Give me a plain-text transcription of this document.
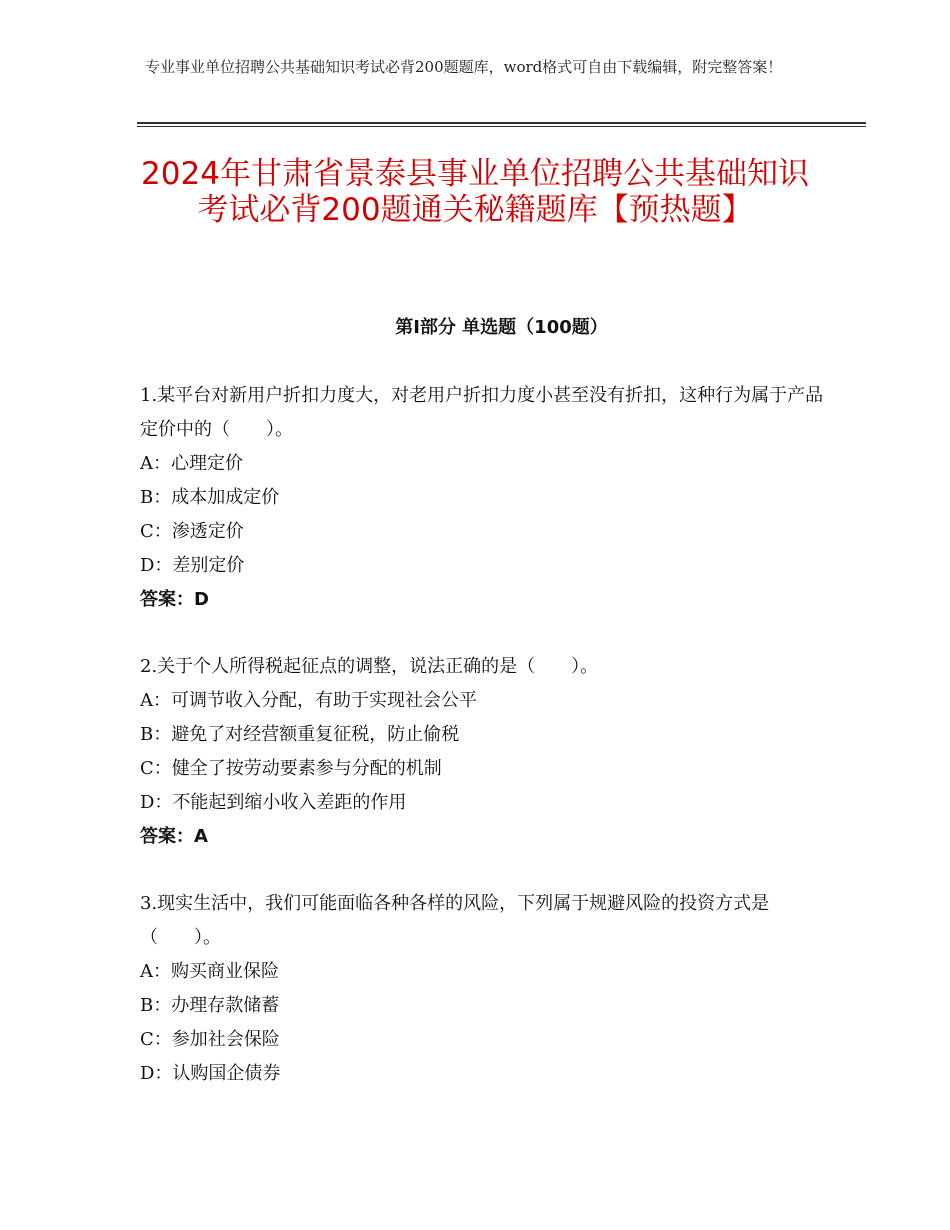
专业事业单位招聘公共基础知识考试必背200题题库，word格式可自由下载编辑，附完整答案！
2024年甘肃省景泰县事业单位招聘公共基础知识考试必背200题通关秘籍题库【预热题】
第Ⅰ部分 单选题（100题）

1.某平台对新用户折扣力度大，对老用户折扣力度小甚至没有折扣，这种行为属于产品定价中的（　　）。

A：心理定价

B：成本加成定价

C：渗透定价

D：差别定价

答案：D

2.关于个人所得税起征点的调整，说法正确的是（　　）。

A：可调节收入分配，有助于实现社会公平

B：避免了对经营额重复征税，防止偷税

C：健全了按劳动要素参与分配的机制

D：不能起到缩小收入差距的作用

答案：A

3.现实生活中，我们可能面临各种各样的风险，下列属于规避风险的投资方式是（　　）。

A：购买商业保险

B：办理存款储蓄

C：参加社会保险

D：认购国企债券
